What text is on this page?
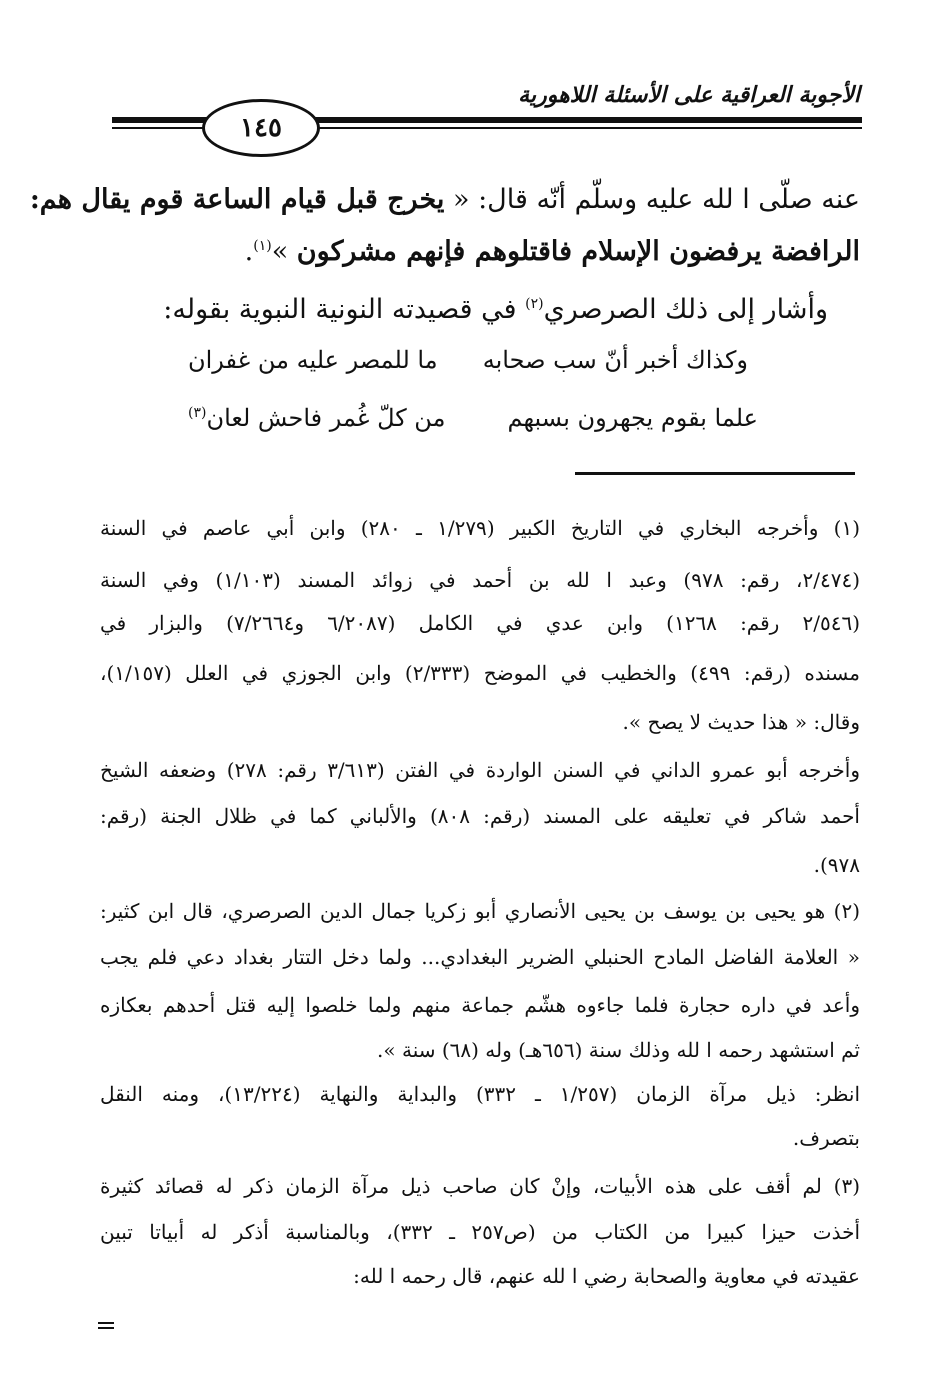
الأجوبة العراقية على الأسئلة اللاهورية
١٤٥
عنه صلّى ا لله عليه وسلّم أنّه قال: « يخرج قبل قيام الساعة قوم يقال هم:
الرافضة يرفضون الإسلام فاقتلوهم فإنهم مشركون »$^{(١)}$.
وأشار إلى ذلك الصرصري$^{(٢)}$ في قصيدته النونية النبوية بقوله:
وكذاك أخبر أنّ سب صحابه
ما للمصر عليه من غفران
علما بقوم يجهرون بسبهم
من كلّ غُمر فاحش لعان$^{(٣)}$
(١) وأخرجه البخاري في التاريخ الكبير (١/٢٧٩ ـ ٢٨٠) وابن أبي عاصم في السنة
(٢/٤٧٤، رقم: ٩٧٨) وعبد ا لله بن أحمد في زوائد المسند (١/١٠٣) وفي السنة
(٢/٥٤٦ رقم: ١٢٦٨) وابن عدي في الكامل (٦/٢٠٨٧ و٧/٢٦٦٤) والبزار في
مسنده (رقم: ٤٩٩) والخطيب في الموضح (٢/٣٣٣) وابن الجوزي في العلل (١/١٥٧)،
وقال: « هذا حديث لا يصح ».
وأخرجه أبو عمرو الداني في السنن الواردة في الفتن (٣/٦١٣ رقم: ٢٧٨) وضعفه الشيخ
أحمد شاكر في تعليقه على المسند (رقم: ٨٠٨) والألباني كما في ظلال الجنة (رقم:
٩٧٨).
(٢) هو يحيى بن يوسف بن يحيى الأنصاري أبو زكريا جمال الدين الصرصري، قال ابن كثير:
« العلامة الفاضل المادح الحنبلي الضرير البغدادي... ولما دخل التتار بغداد دعي فلم يجب
وأعد في داره حجارة فلما جاءوه هشّم جماعة منهم ولما خلصوا إليه قتل أحدهم بعكازه
ثم استشهد رحمه ا لله وذلك سنة (٦٥٦هـ) وله (٦٨) سنة ».
انظر: ذيل مرآة الزمان (١/٢٥٧ ـ ٣٣٢) والبداية والنهاية (١٣/٢٢٤)، ومنه النقل
بتصرف.
(٣) لم أقف على هذه الأبيات، وإنْ كان صاحب ذيل مرآة الزمان ذكر له قصائد كثيرة
أخذت حيزا كبيرا من الكتاب من (ص٢٥٧ ـ ٣٣٢)، وبالمناسبة أذكر له أبياتا تبين
عقيدته في معاوية والصحابة رضي ا لله عنهم، قال رحمه ا لله:
